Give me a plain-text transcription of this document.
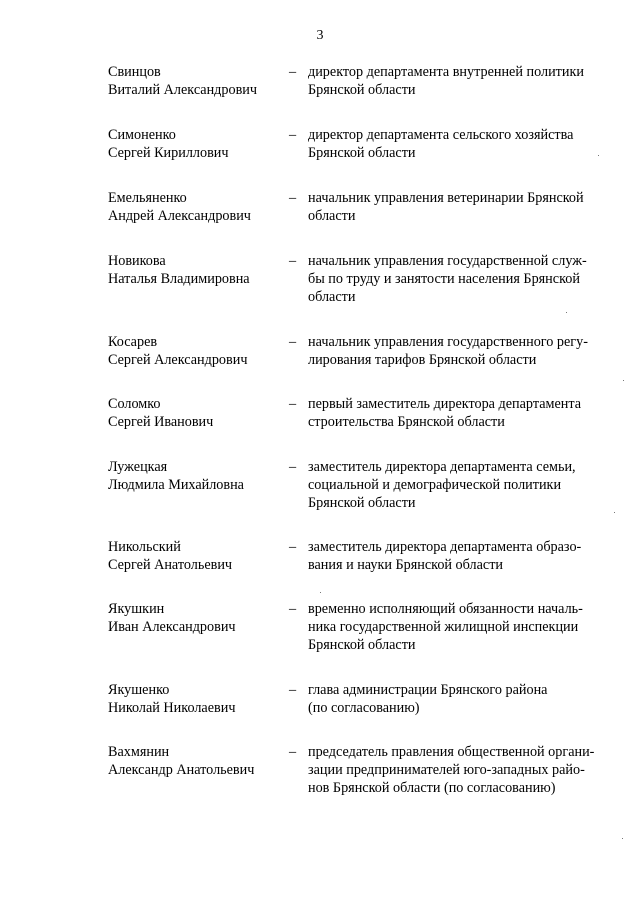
3
Свинцов
Виталий Александрович
– директор департамента внутренней политики
Брянской области
Симоненко
Сергей Кириллович
– директор департамента сельского хозяйства
Брянской области
Емельяненко
Андрей Александрович
– начальник управления ветеринарии Брянской
области
Новикова
Наталья Владимировна
– начальник управления государственной служ-
бы по труду и занятости населения Брянской
области
Косарев
Сергей Александрович
– начальник управления государственного регу-
лирования тарифов Брянской области
Соломко
Сергей Иванович
– первый заместитель директора департамента
строительства Брянской области
Лужецкая
Людмила Михайловна
– заместитель директора департамента семьи,
социальной и демографической политики
Брянской области
Никольский
Сергей Анатольевич
– заместитель директора департамента образо-
вания и науки Брянской области
Якушкин
Иван Александрович
– временно исполняющий обязанности началь-
ника государственной жилищной инспекции
Брянской области
Якушенко
Николай Николаевич
– глава администрации Брянского района
(по согласованию)
Вахмянин
Александр Анатольевич
– председатель правления общественной органи-
зации предпринимателей юго-западных райо-
нов Брянской области (по согласованию)
